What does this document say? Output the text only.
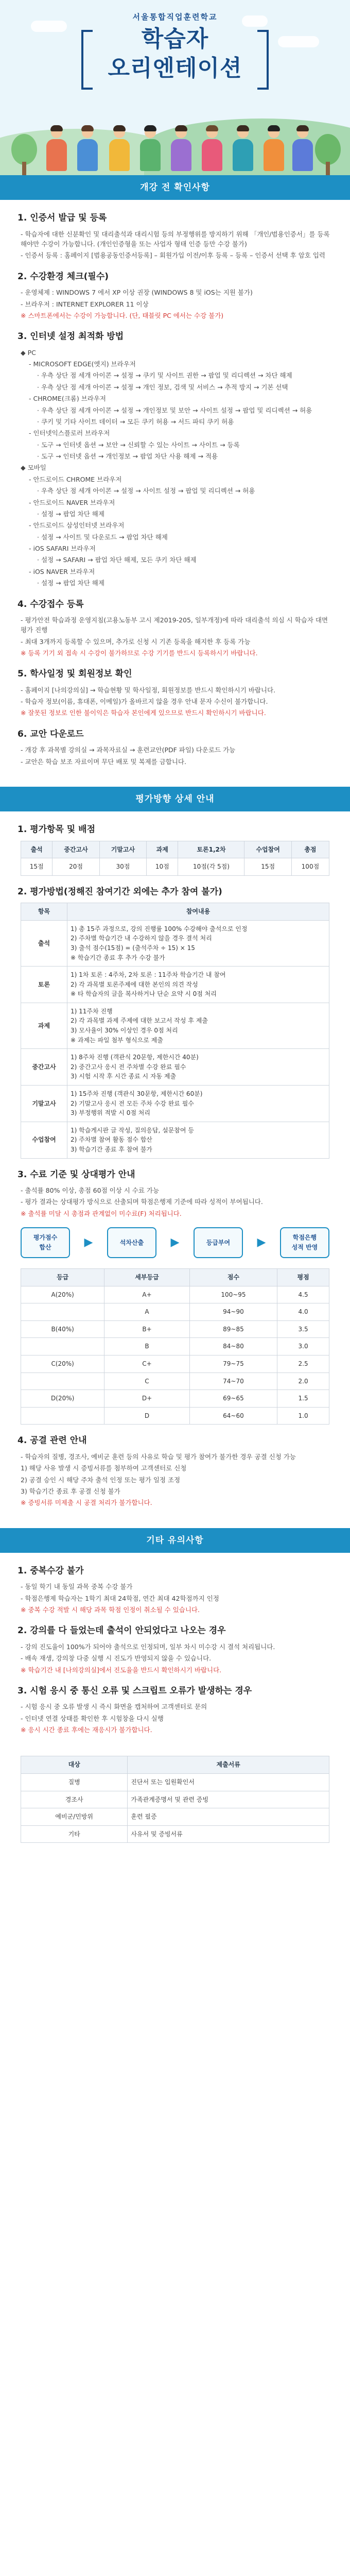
서울통합직업훈련학교
학습자
오리엔테이션
개강 전 확인사항
1. 인증서 발급 및 등록
- 학습자에 대한 신분확인 및 대리출석과 대리시험 등의 부정행위를 방지하기 위해 「개인/범용인증서」를 등록해야만 수강이 가능합니다. (개인인증형을 또는 사업자 형태 인증 등만 수강 불가)
- 인증서 등록 : 홈페이지 [범용공동인증서등록] – 회원가입 이전/이후 등록 – 등록 – 인증서 선택 후 암호 입력
2. 수강환경 체크(필수)
- 운영체제 : WINDOWS 7 에서 XP 이상 권장 (WINDOWS 8 및 iOS는 지원 불가)
- 브라우저 : INTERNET EXPLORER 11 이상
※ 스마트폰에서는 수강이 가능합니다. (단, 태블릿 PC 에서는 수강 불가)
3. 인터넷 설정 최적화 방법
◆ PC
- MICROSOFT EDGE(엣지) 브라우저
· 우측 상단 점 세개 아이콘 → 설정 → 쿠키 및 사이트 권한 → 팝업 및 리디렉션 → 차단 해제
· 우측 상단 점 세개 아이콘 → 설정 → 개인 정보, 검색 및 서비스 → 추적 방지 → 기본 선택
- CHROME(크롬) 브라우저
· 우측 상단 점 세개 아이콘 → 설정 → 개인정보 및 보안 → 사이트 설정 → 팝업 및 리디렉션 → 허용
· 쿠키 및 기타 사이트 데이터 → 모든 쿠키 허용 → 서드 파티 쿠키 허용
- 인터넷익스플로러 브라우저
· 도구 → 인터넷 옵션 → 보안 → 신뢰할 수 있는 사이트 → 사이트 → 등록
· 도구 → 인터넷 옵션 → 개인정보 → 팝업 차단 사용 해제 → 적용
◆ 모바일
- 안드로이드 CHROME 브라우저
· 우측 상단 점 세개 아이콘 → 설정 → 사이트 설정 → 팝업 및 리디렉션 → 허용
- 안드로이드 NAVER 브라우저
· 설정 → 팝업 차단 해제
- 안드로이드 삼성인터넷 브라우저
· 설정 → 사이트 및 다운로드 → 팝업 차단 해제
- iOS SAFARI 브라우저
· 설정 → SAFARI → 팝업 차단 해제, 모든 쿠키 차단 해제
- iOS NAVER 브라우저
· 설정 → 팝업 차단 해제
4. 수강접수 등록
- 평가안전 학습과정 운영지침(고용노동부 고시 제2019-205, 일부개정)에 따라 대리출석 의심 시 학습자 대면평가 진행
- 최대 3개까지 등록할 수 있으며, 추가로 신청 시 기존 등록을 해지한 후 등록 가능
※ 등록 기기 외 접속 시 수강이 불가하므로 수강 기기를 반드시 등록하시기 바랍니다.
5. 학사일정 및 회원정보 확인
- 홈페이지 [나의강의실] → 학습현황 및 학사일정, 회원정보를 반드시 확인하시기 바랍니다.
- 학습자 정보(이름, 휴대폰, 이메일)가 올바르지 않을 경우 안내 문자 수신이 불가합니다.
※ 잘못된 정보로 인한 불이익은 학습자 본인에게 있으므로 반드시 확인하시기 바랍니다.
6. 교안 다운로드
- 개강 후 과목별 강의실 → 과목자료실 → 훈련교안(PDF 파일) 다운로드 가능
- 교안은 학습 보조 자료이며 무단 배포 및 복제를 금합니다.
평가방향 상세 안내
1. 평가항목 및 배점
출석	중간고사	기말고사	과제	토론1,2차	수업참여	총점
15점	20점	30점	10점	10점(각 5점)	15점	100점
2. 평가방법(정해진 참여기간 외에는 추가 참여 불가)
항목	참여내용
출석	1) 총 15주 과정으로, 강의 진행률 100% 수강해야 출석으로 인정
2) 주차별 학습기간 내 수강하지 않을 경우 결석 처리
3) 출석 점수(15점) = (출석주차 ÷ 15) × 15
※ 학습기간 종료 후 추가 수강 불가
토론	1) 1차 토론 : 4주차, 2차 토론 : 11주차 학습기간 내 참여
2) 각 과목별 토론주제에 대한 본인의 의견 작성
※ 타 학습자의 글을 복사하거나 단순 요약 시 0점 처리
과제	1) 11주차 진행
2) 각 과목별 과제 주제에 대한 보고서 작성 후 제출
3) 모사율이 30% 이상인 경우 0점 처리
※ 과제는 파일 첨부 형식으로 제출
중간고사	1) 8주차 진행 (객관식 20문항, 제한시간 40분)
2) 중간고사 응시 전 주차별 수강 완료 필수
3) 시험 시작 후 시간 종료 시 자동 제출
기말고사	1) 15주차 진행 (객관식 30문항, 제한시간 60분)
2) 기말고사 응시 전 모든 주차 수강 완료 필수
3) 부정행위 적발 시 0점 처리
수업참여	1) 학습게시판 글 작성, 질의응답, 설문참여 등
2) 주차별 참여 활동 점수 합산
3) 학습기간 종료 후 참여 불가
3. 수료 기준 및 상대평가 안내
- 출석률 80% 이상, 총점 60점 이상 시 수료 가능
- 평가 결과는 상대평가 방식으로 산출되며 학점은행제 기준에 따라 성적이 부여됩니다.
※ 출석률 미달 시 총점과 관계없이 미수료(F) 처리됩니다.
평가점수
합산	▶	석차산출	▶	등급부여	▶	학점은행
성적 반영
등급	세부등급	점수	평점
A(20%)	A+	100~95	4.5
	A	94~90	4.0
B(40%)	B+	89~85	3.5
	B	84~80	3.0
C(20%)	C+	79~75	2.5
	C	74~70	2.0
D(20%)	D+	69~65	1.5
	D	64~60	1.0
4. 공결 관련 안내
- 학습자의 질병, 경조사, 예비군 훈련 등의 사유로 학습 및 평가 참여가 불가한 경우 공결 신청 가능
1) 해당 사유 발생 시 증빙서류를 첨부하여 고객센터로 신청
2) 공결 승인 시 해당 주차 출석 인정 또는 평가 일정 조정
3) 학습기간 종료 후 공결 신청 불가
※ 증빙서류 미제출 시 공결 처리가 불가합니다.
기타 유의사항
1. 중복수강 불가
- 동일 학기 내 동일 과목 중복 수강 불가
- 학점은행제 학습자는 1학기 최대 24학점, 연간 최대 42학점까지 인정
※ 중복 수강 적발 시 해당 과목 학점 인정이 취소될 수 있습니다.
2. 강의를 다 들었는데 출석이 안되었다고 나오는 경우
- 강의 진도율이 100%가 되어야 출석으로 인정되며, 일부 차시 미수강 시 결석 처리됩니다.
- 배속 재생, 강의창 다중 실행 시 진도가 반영되지 않을 수 있습니다.
※ 학습기간 내 [나의강의실]에서 진도율을 반드시 확인하시기 바랍니다.
3. 시험 응시 중 통신 오류 및 스크립트 오류가 발생하는 경우
- 시험 응시 중 오류 발생 시 즉시 화면을 캡처하여 고객센터로 문의
- 인터넷 연결 상태를 확인한 후 시험창을 다시 실행
※ 응시 시간 종료 후에는 재응시가 불가합니다.
대상	제출서류
질병	진단서 또는 입원확인서
경조사	가족관계증명서 및 관련 증빙
예비군/민방위	훈련 필증
기타	사유서 및 증빙서류
